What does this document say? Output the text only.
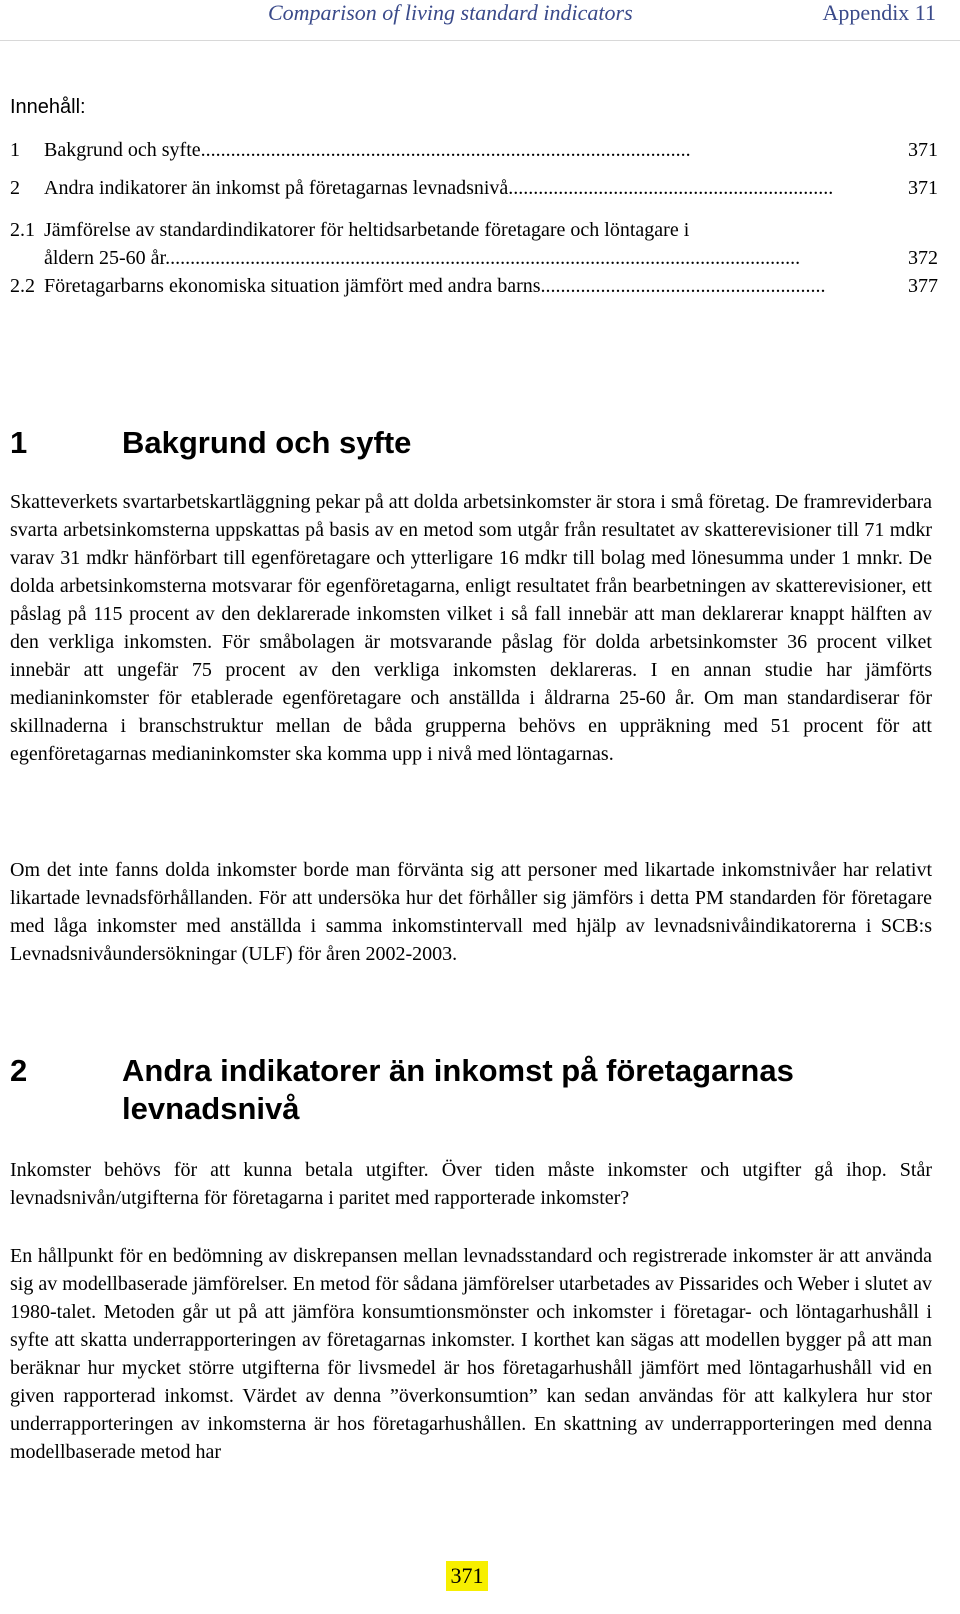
Comparison of living standard indicators	Appendix 11
Innehåll:
1 Bakgrund och syfte..................................................................................................	371
2 Andra indikatorer än inkomst på företagarnas levnadsnivå.................................................................	371
2.1 Jämförelse av standardindikatorer för heltidsarbetande företagare och löntagare i
åldern 25-60 år...............................................................................................................................	372
2.2 Företagarbarns ekonomiska situation jämfört med andra barns.........................................................	377
1	Bakgrund och syfte

Skatteverkets svartarbetskartläggning pekar på att dolda arbetsinkomster är stora i små företag. De framreviderbara svarta arbetsinkomsterna uppskattas på basis av en metod som utgår från resultatet av skatterevisioner till 71 mdkr varav 31 mdkr hänförbart till egenföretagare och ytterligare 16 mdkr till bolag med lönesumma under 1 mnkr. De dolda arbetsinkomsterna motsvarar för egenföretagarna, enligt resultatet från bearbetningen av skatterevisioner, ett påslag på 115 procent av den deklarerade inkomsten vilket i så fall innebär att man deklarerar knappt hälften av den verkliga inkomsten. För småbolagen är motsvarande påslag för dolda arbetsinkomster 36 procent vilket innebär att ungefär 75 procent av den verkliga inkomsten deklareras. I en annan studie har jämförts medianinkomster för etablerade egenföretagare och anställda i åldrarna 25-60 år. Om man standardiserar för skillnaderna i branschstruktur mellan de båda grupperna behövs en uppräkning med 51 procent för att egenföretagarnas medianinkomster ska komma upp i nivå med löntagarnas.

Om det inte fanns dolda inkomster borde man förvänta sig att personer med likartade inkomstnivåer har relativt likartade levnadsförhållanden. För att undersöka hur det förhåller sig jämförs i detta PM standarden för företagare med låga inkomster med anställda i samma inkomstintervall med hjälp av levnadsnivåindikatorerna i SCB:s Levnadsnivåundersökningar (ULF) för åren 2002-2003.

2	Andra indikatorer än inkomst på företagarnas levnadsnivå

Inkomster behövs för att kunna betala utgifter. Över tiden måste inkomster och utgifter gå ihop. Står levnadsnivån/utgifterna för företagarna i paritet med rapporterade inkomster?

En hållpunkt för en bedömning av diskrepansen mellan levnadsstandard och registrerade inkomster är att använda sig av modellbaserade jämförelser. En metod för sådana jämförelser utarbetades av Pissarides och Weber i slutet av 1980-talet. Metoden går ut på att jämföra konsumtionsmönster och inkomster i företagar- och löntagarhushåll i syfte att skatta underrapporteringen av företagarnas inkomster. I korthet kan sägas att modellen bygger på att man beräknar hur mycket större utgifterna för livsmedel är hos företagarhushåll jämfört med löntagarhushåll vid en given rapporterad inkomst. Värdet av denna ”överkonsumtion” kan sedan användas för att kalkylera hur stor underrapporteringen av inkomsterna är hos företagarhushållen. En skattning av underrapporteringen med denna modellbaserade metod har

371
